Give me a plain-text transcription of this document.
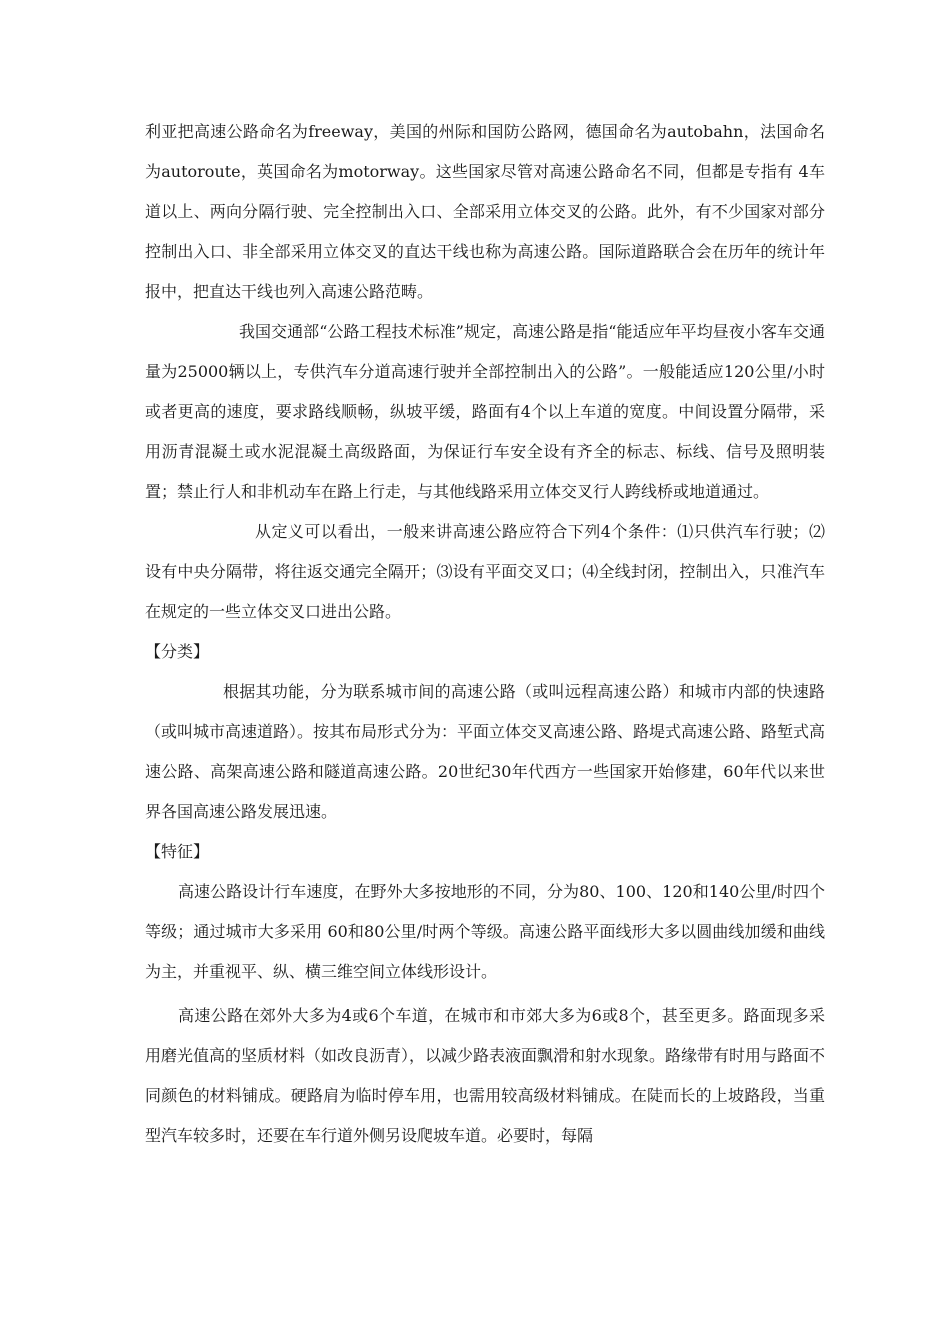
利亚把高速公路命名为freeway，美国的州际和国防公路网，德国命名为autobahn，法国命名为autoroute，英国命名为motorway。这些国家尽管对高速公路命名不同，但都是专指有 4车道以上、两向分隔行驶、完全控制出入口、全部采用立体交叉的公路。此外，有不少国家对部分控制出入口、非全部采用立体交叉的直达干线也称为高速公路。国际道路联合会在历年的统计年报中，把直达干线也列入高速公路范畴。

我国交通部“公路工程技术标准”规定，高速公路是指“能适应年平均昼夜小客车交通量为25000辆以上，专供汽车分道高速行驶并全部控制出入的公路”。一般能适应120公里/小时或者更高的速度，要求路线顺畅，纵坡平缓，路面有4个以上车道的宽度。中间设置分隔带，采用沥青混凝土或水泥混凝土高级路面，为保证行车安全设有齐全的标志、标线、信号及照明装置；禁止行人和非机动车在路上行走，与其他线路采用立体交叉行人跨线桥或地道通过。

从定义可以看出，一般来讲高速公路应符合下列4个条件：⑴只供汽车行驶；⑵设有中央分隔带，将往返交通完全隔开；⑶设有平面交叉口；⑷全线封闭，控制出入，只准汽车在规定的一些立体交叉口进出公路。

【分类】

根据其功能，分为联系城市间的高速公路（或叫远程高速公路）和城市内部的快速路（或叫城市高速道路）。按其布局形式分为：平面立体交叉高速公路、路堤式高速公路、路堑式高速公路、高架高速公路和隧道高速公路。20世纪30年代西方一些国家开始修建，60年代以来世界各国高速公路发展迅速。

【特征】

高速公路设计行车速度，在野外大多按地形的不同，分为80、100、120和140公里/时四个等级；通过城市大多采用 60和80公里/时两个等级。高速公路平面线形大多以圆曲线加缓和曲线为主，并重视平、纵、横三维空间立体线形设计。

高速公路在郊外大多为4或6个车道，在城市和市郊大多为6或8个，甚至更多。路面现多采用磨光值高的坚质材料（如改良沥青），以减少路表液面飘滑和射水现象。路缘带有时用与路面不同颜色的材料铺成。硬路肩为临时停车用，也需用较高级材料铺成。在陡而长的上坡路段，当重型汽车较多时，还要在车行道外侧另设爬坡车道。必要时，每隔
